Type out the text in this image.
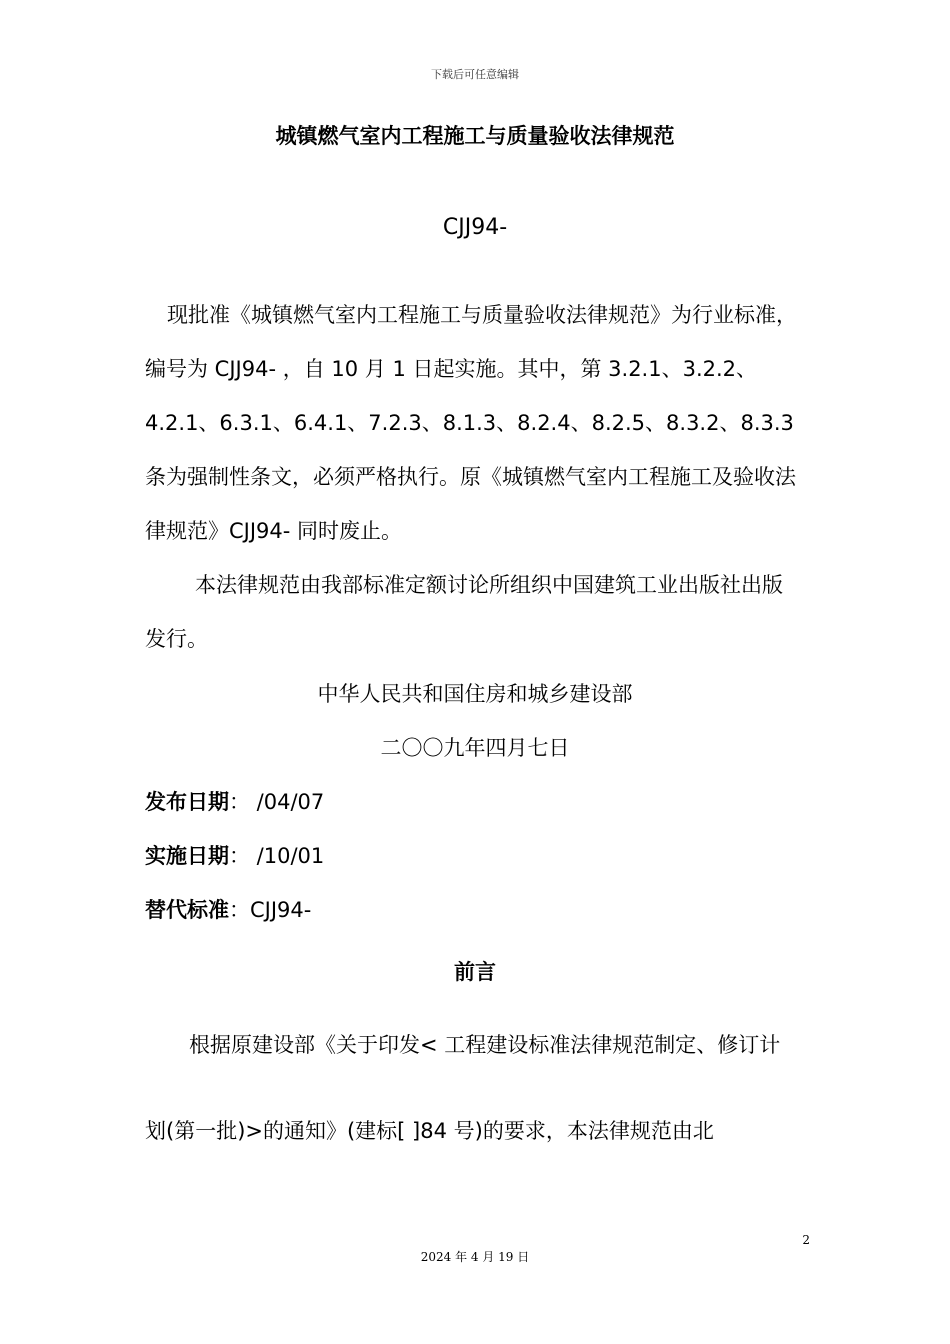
下载后可任意编辑
城镇燃气室内工程施工与质量验收法律规范
CJJ94-
现批准《城镇燃气室内工程施工与质量验收法律规范》为行业标准，编号为 CJJ94- ，自 10 月 1 日起实施。其中，第 3.2.1、3.2.2、4.2.1、6.3.1、6.4.1、7.2.3、8.1.3、8.2.4、8.2.5、8.3.2、8.3.3 条为强制性条文，必须严格执行。原《城镇燃气室内工程施工及验收法律规范》CJJ94- 同时废止。
本法律规范由我部标准定额讨论所组织中国建筑工业出版社出版发行。
中华人民共和国住房和城乡建设部
二〇〇九年四月七日
发布日期： /04/07
实施日期： /10/01
替代标准：CJJ94-
前言
根据原建设部《关于印发< 工程建设标准法律规范制定、修订计划(第一批)>的通知》(建标[ ]84 号)的要求，本法律规范由北
2
2024 年 4 月 19 日
